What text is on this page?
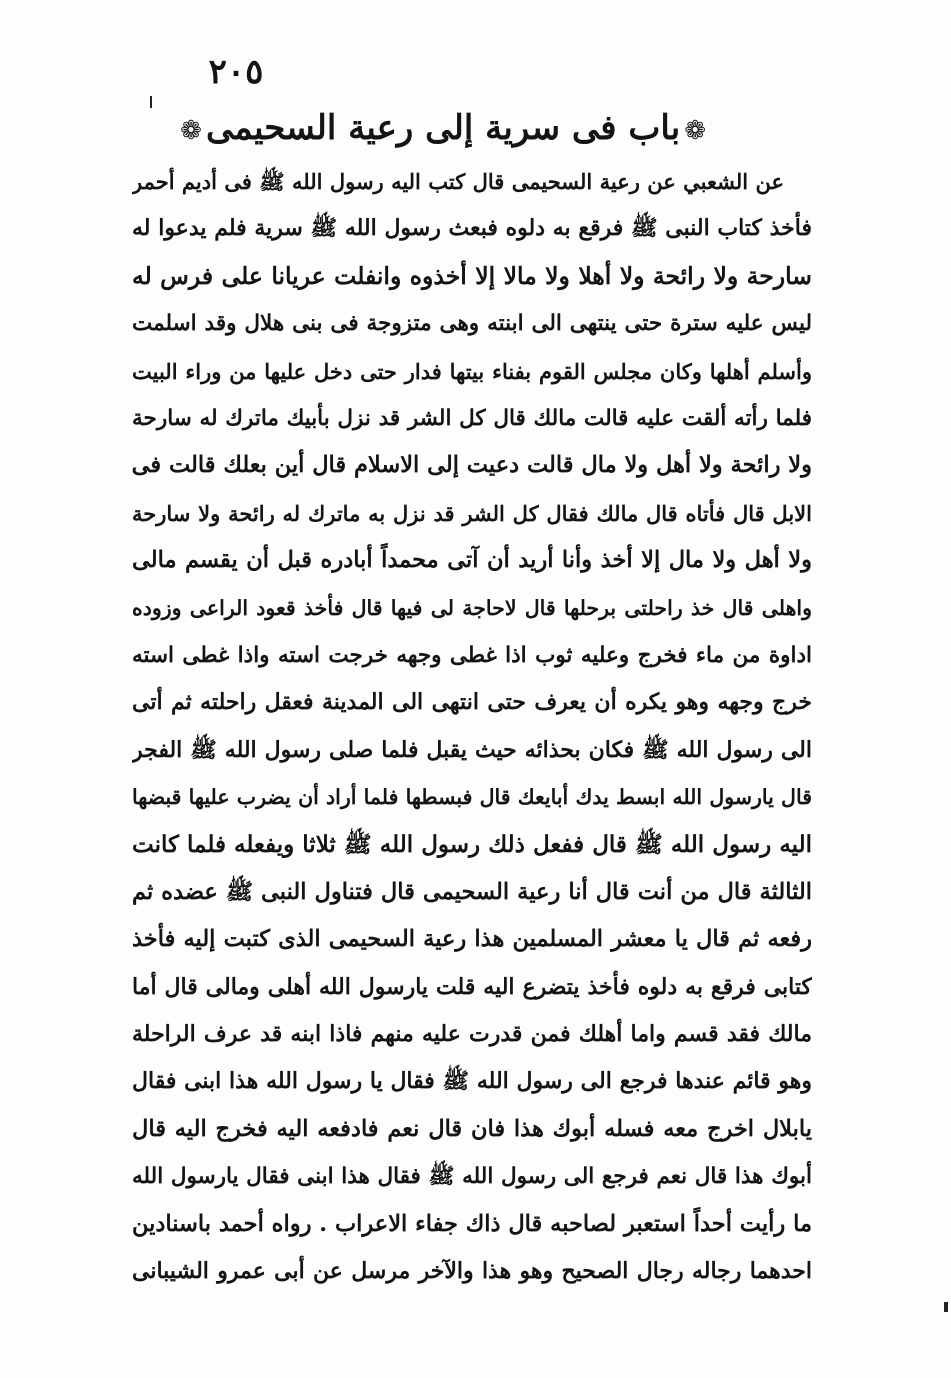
٢٠٥
❁باب فى سرية إلى رعية السحيمى❁
عن الشعبي عن رعية السحيمى قال كتب اليه رسول الله ﷺ فى أديم أحمر
فأخذ كتاب النبى ﷺ فرقع به دلوه فبعث رسول الله ﷺ سرية فلم يدعوا له
سارحة ولا رائحة ولا أهلا ولا مالا إلا أخذوه وانفلت عريانا على فرس له
ليس عليه سترة حتى ينتهى الى ابنته وهى متزوجة فى بنى هلال وقد اسلمت
وأسلم أهلها وكان مجلس القوم بفناء بيتها فدار حتى دخل عليها من وراء البيت
فلما رأته ألقت عليه قالت مالك قال كل الشر قد نزل بأبيك ماترك له سارحة
ولا رائحة ولا أهل ولا مال قالت دعيت إلى الاسلام قال أين بعلك قالت فى
الابل قال فأتاه قال مالك فقال كل الشر قد نزل به ماترك له رائحة ولا سارحة
ولا أهل ولا مال إلا أخذ وأنا أريد أن آتى محمداً أبادره قبل أن يقسم مالى
واهلى قال خذ راحلتى برحلها قال لاحاجة لى فيها قال فأخذ قعود الراعى وزوده
اداوة من ماء فخرج وعليه ثوب اذا غطى وجهه خرجت استه واذا غطى استه
خرج وجهه وهو يكره أن يعرف حتى انتهى الى المدينة فعقل راحلته ثم أتى
الى رسول الله ﷺ فكان بحذائه حيث يقبل فلما صلى رسول الله ﷺ الفجر
قال يارسول الله ابسط يدك أبايعك قال فبسطها فلما أراد أن يضرب عليها قبضها
اليه رسول الله ﷺ قال ففعل ذلك رسول الله ﷺ ثلاثا ويفعله فلما كانت
الثالثة قال من أنت قال أنا رعية السحيمى قال فتناول النبى ﷺ عضده ثم
رفعه ثم قال يا معشر المسلمين هذا رعية السحيمى الذى كتبت إليه فأخذ
كتابى فرقع به دلوه فأخذ يتضرع اليه قلت يارسول الله أهلى ومالى قال أما
مالك فقد قسم واما أهلك فمن قدرت عليه منهم فاذا ابنه قد عرف الراحلة
وهو قائم عندها فرجع الى رسول الله ﷺ فقال يا رسول الله هذا ابنى فقال
يابلال اخرج معه فسله أبوك هذا فان قال نعم فادفعه اليه فخرج اليه قال
أبوك هذا قال نعم فرجع الى رسول الله ﷺ فقال هذا ابنى فقال يارسول الله
ما رأيت أحداً استعبر لصاحبه قال ذاك جفاء الاعراب . رواه أحمد باسنادين
احدهما رجاله رجال الصحيح وهو هذا والآخر مرسل عن أبى عمرو الشيبانى
